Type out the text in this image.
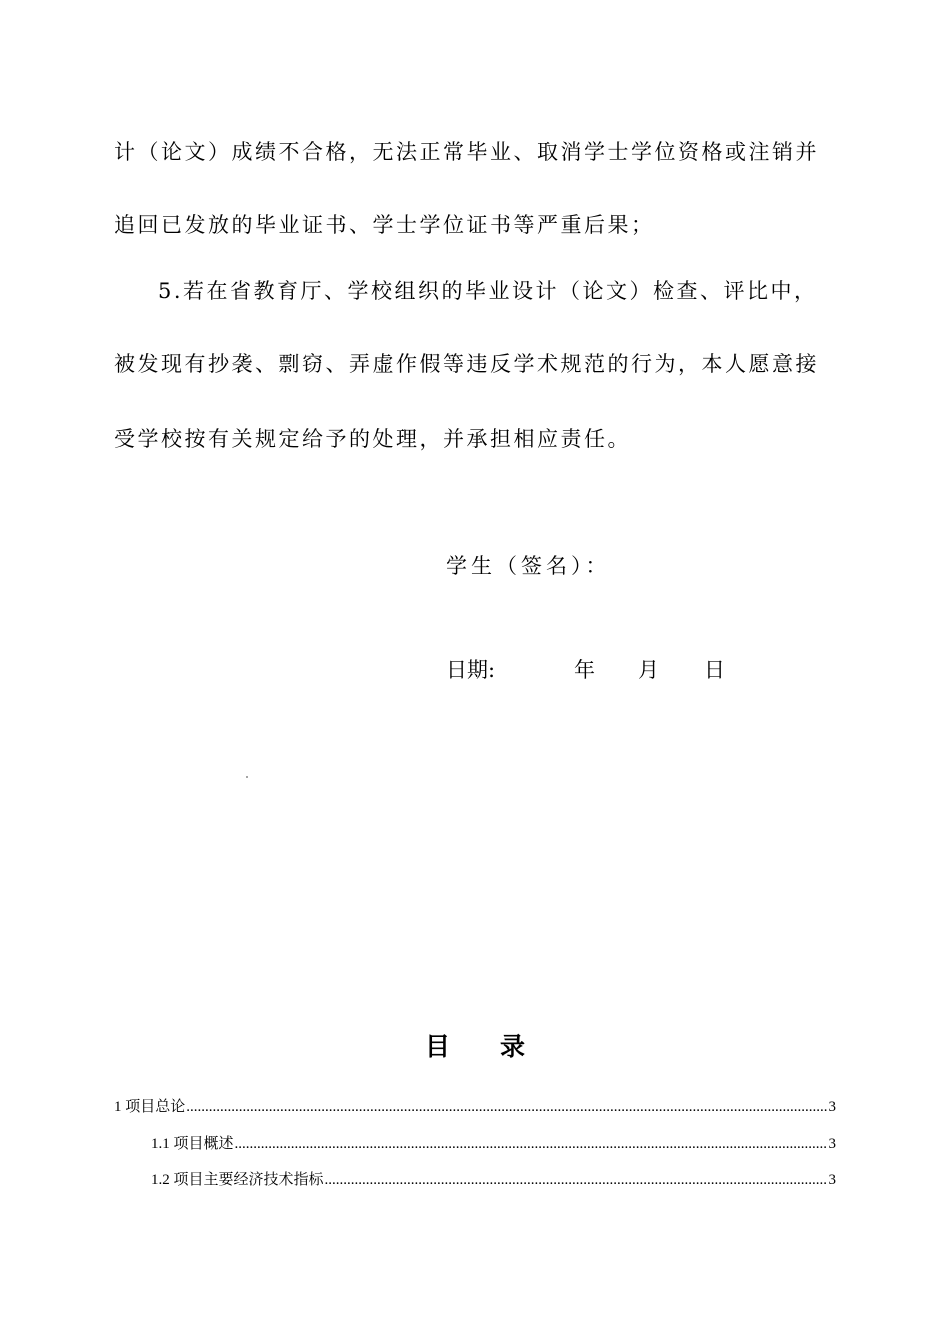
计（论文）成绩不合格，无法正常毕业、取消学士学位资格或注销并
追回已发放的毕业证书、学士学位证书等严重后果；
5.若在省教育厅、学校组织的毕业设计（论文）检查、评比中，
被发现有抄袭、剽窃、弄虚作假等违反学术规范的行为，本人愿意接
受学校按有关规定给予的处理，并承担相应责任。
学生（签名）：
日期:	年 月 日
目录
1 项目总论 .....	3
1.1 项目概述 .....	3
1.2 项目主要经济技术指标 .....	3
